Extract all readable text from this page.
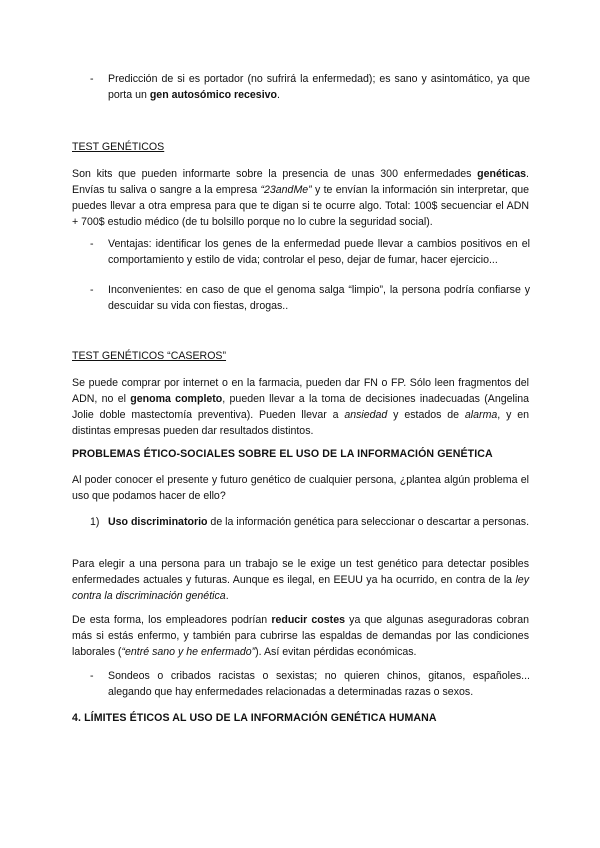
- Predicción de si es portador (no sufrirá la enfermedad); es sano y asintomático, ya que porta un gen autosómico recesivo.
TEST GENÉTICOS
Son kits que pueden informarte sobre la presencia de unas 300 enfermedades genéticas. Envías tu saliva o sangre a la empresa “23andMe” y te envían la información sin interpretar, que puedes llevar a otra empresa para que te digan si te ocurre algo. Total: 100$ secuenciar el ADN + 700$ estudio médico (de tu bolsillo porque no lo cubre la seguridad social).
- Ventajas: identificar los genes de la enfermedad puede llevar a cambios positivos en el comportamiento y estilo de vida; controlar el peso, dejar de fumar, hacer ejercicio...
- Inconvenientes: en caso de que el genoma salga “limpio”, la persona podría confiarse y descuidar su vida con fiestas, drogas..
TEST GENÉTICOS “CASEROS”
Se puede comprar por internet o en la farmacia, pueden dar FN o FP. Sólo leen fragmentos del ADN, no el genoma completo, pueden llevar a la toma de decisiones inadecuadas (Angelina Jolie doble mastectomía preventiva). Pueden llevar a ansiedad y estados de alarma, y en distintas empresas pueden dar resultados distintos.
PROBLEMAS ÉTICO-SOCIALES SOBRE EL USO DE LA INFORMACIÓN GENÉTICA
Al poder conocer el presente y futuro genético de cualquier persona, ¿plantea algún problema el uso que podamos hacer de ello?
1) Uso discriminatorio de la información genética para seleccionar o descartar a personas.
Para elegir a una persona para un trabajo se le exige un test genético para detectar posibles enfermedades actuales y futuras. Aunque es ilegal, en EEUU ya ha ocurrido, en contra de la ley contra la discriminación genética.
De esta forma, los empleadores podrían reducir costes ya que algunas aseguradoras cobran más si estás enfermo, y también para cubrirse las espaldas de demandas por las condiciones laborales (“entré sano y he enfermado”). Así evitan pérdidas económicas.
- Sondeos o cribados racistas o sexistas; no quieren chinos, gitanos, españoles... alegando que hay enfermedades relacionadas a determinadas razas o sexos.
4. LÍMITES ÉTICOS AL USO DE LA INFORMACIÓN GENÉTICA HUMANA
